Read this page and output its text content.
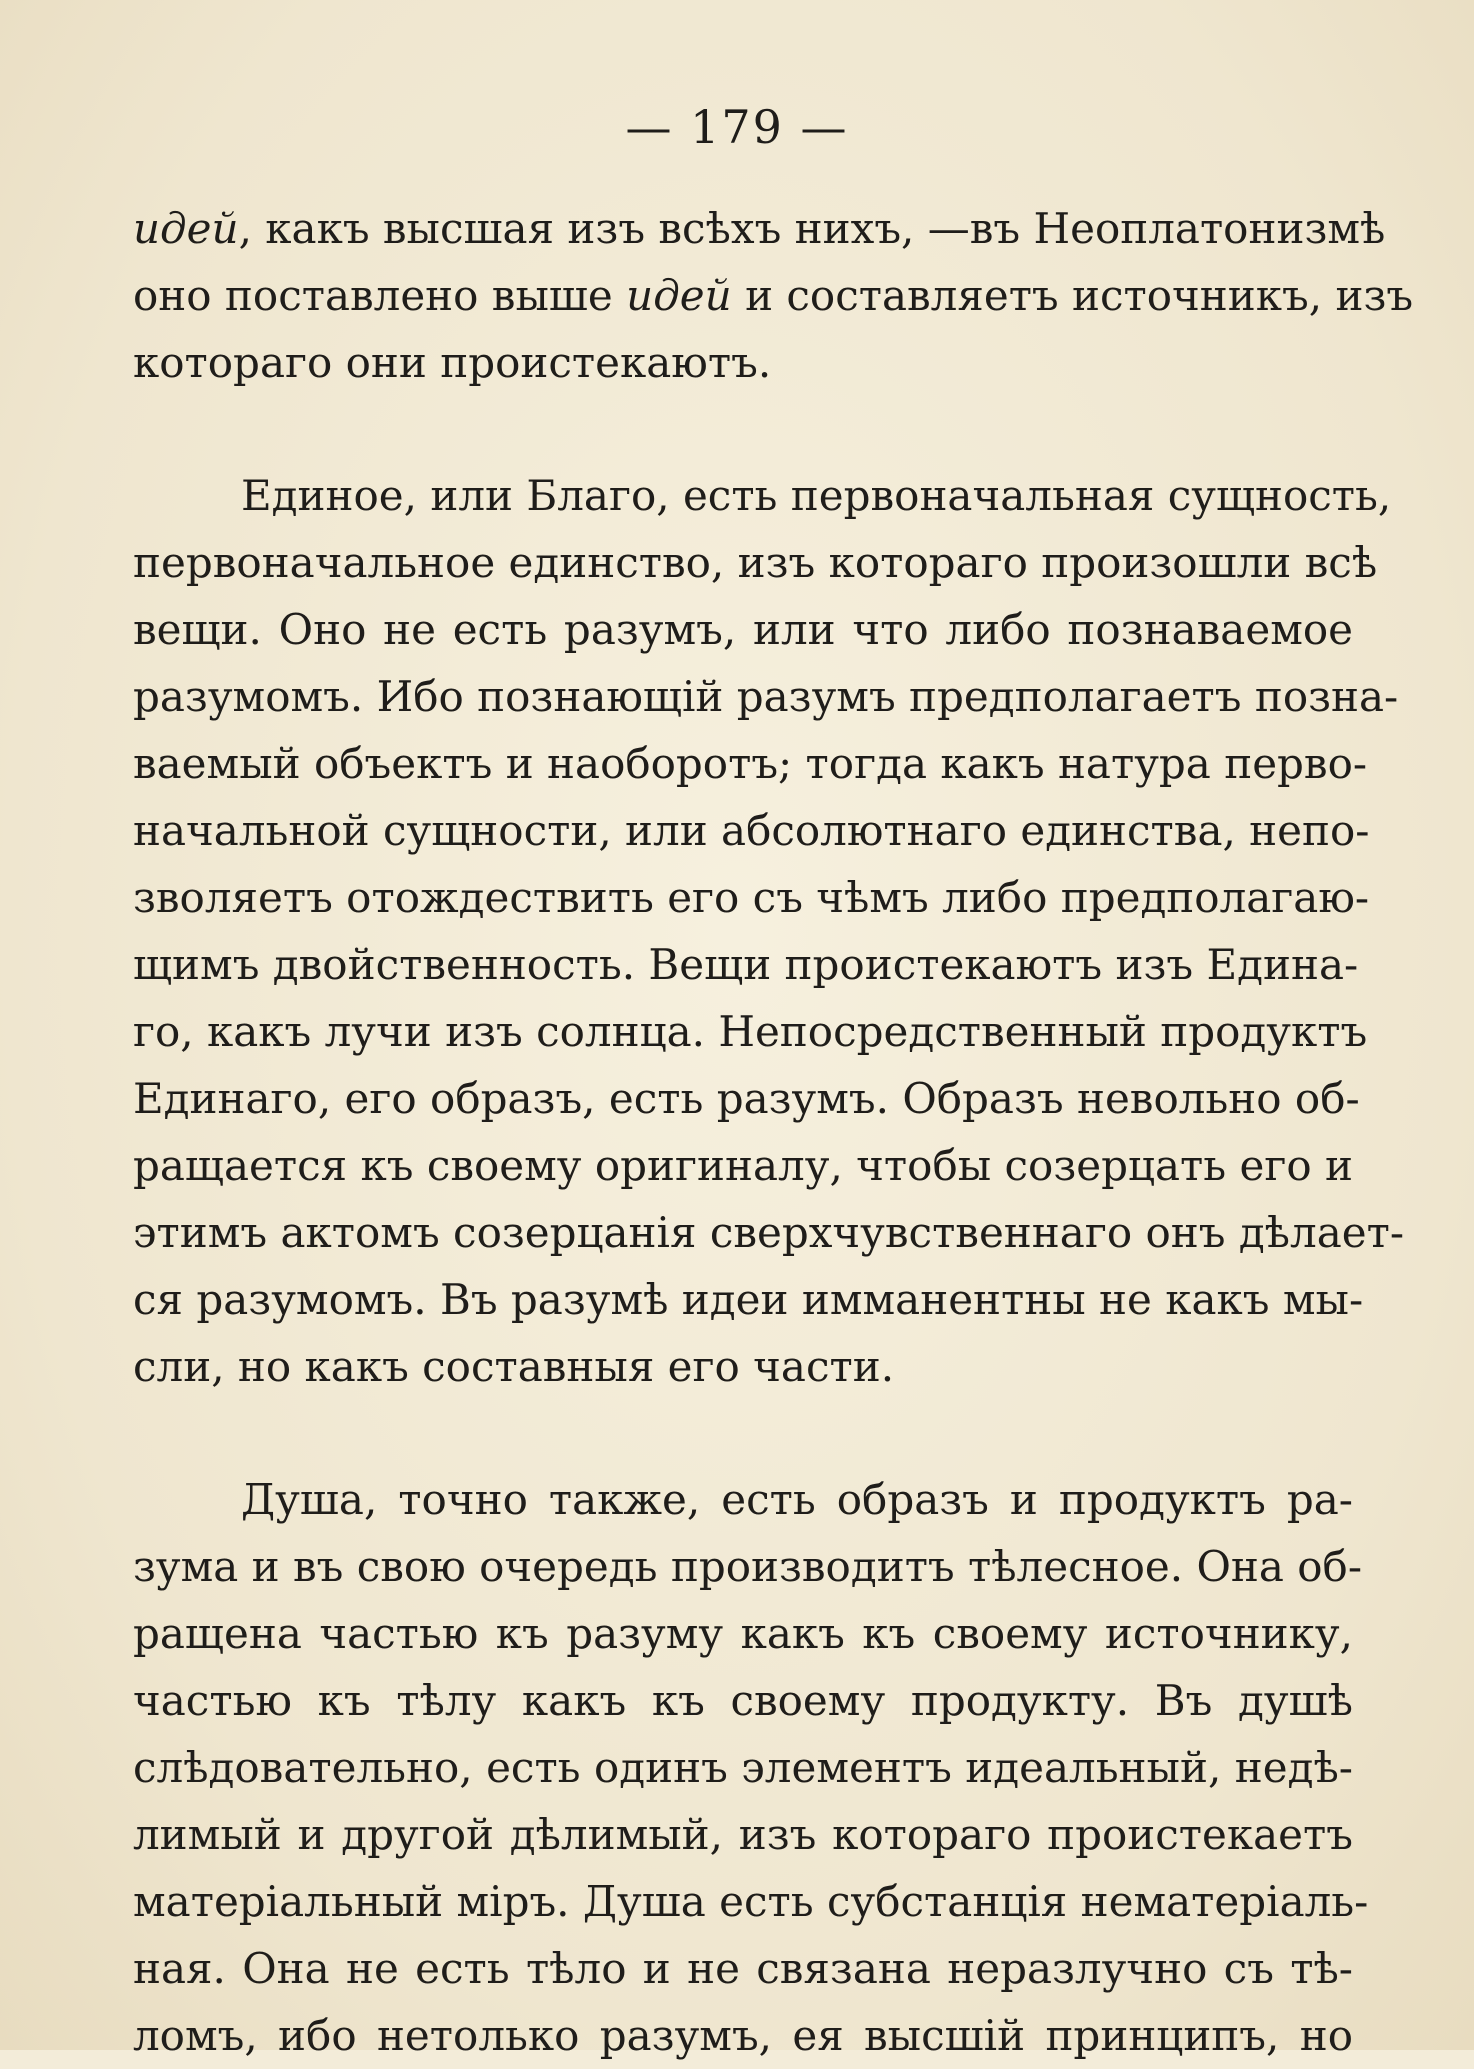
— 179 —
идей, какъ высшая изъ всѣхъ нихъ, —въ Неоплатонизмѣ
оно поставлено выше идей и составляетъ источникъ, изъ
котораго они проистекаютъ.
Единое, или Благо, есть первоначальная сущность,
первоначальное единство, изъ котораго произошли всѣ
вещи. Оно не есть разумъ, или что либо познаваемое
разумомъ. Ибо познающій разумъ предполагаетъ позна-
ваемый объектъ и наоборотъ; тогда какъ натура перво-
начальной сущности, или абсолютнаго единства, непо-
зволяетъ отождествить его съ чѣмъ либо предполагаю-
щимъ двойственность. Вещи проистекаютъ изъ Едина-
го, какъ лучи изъ солнца. Непосредственный продуктъ
Единаго, его образъ, есть разумъ. Образъ невольно об-
ращается къ своему оригиналу, чтобы созерцать его и
этимъ актомъ созерцанія сверхчувственнаго онъ дѣлает-
ся разумомъ. Въ разумѣ идеи имманентны не какъ мы-
сли, но какъ составныя его части.
Душа, точно также, есть образъ и продуктъ ра-
зума и въ свою очередь производитъ тѣлесное. Она об-
ращена частью къ разуму какъ къ своему источнику,
частью къ тѣлу какъ къ своему продукту. Въ душѣ
слѣдовательно, есть одинъ элементъ идеальный, недѣ-
лимый и другой дѣлимый, изъ котораго проистекаетъ
матеріальный міръ. Душа есть субстанція нематеріаль-
ная. Она не есть тѣло и не связана неразлучно съ тѣ-
ломъ, ибо нетолько разумъ, ея высшій принципъ, но
